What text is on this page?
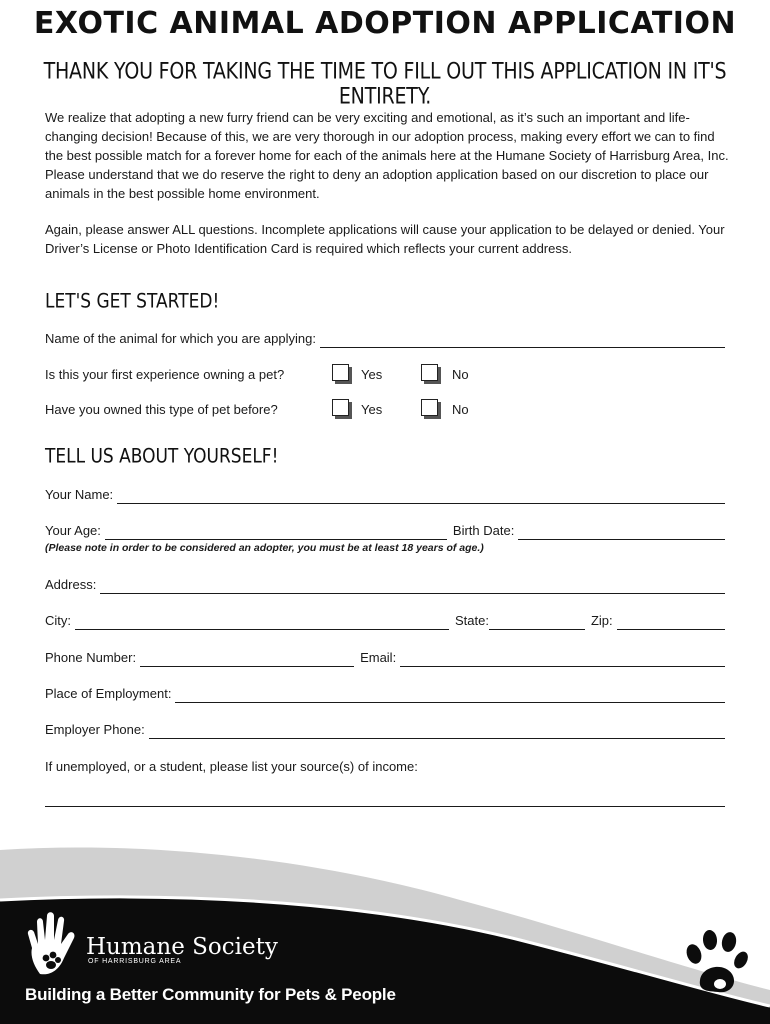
EXOTIC ANIMAL ADOPTION APPLICATION
THANK YOU FOR TAKING THE TIME TO FILL OUT THIS APPLICATION IN IT'S ENTIRETY.

We realize that adopting a new furry friend can be very exciting and emotional, as it’s such an important and life-changing decision! Because of this, we are very thorough in our adoption process, making every effort we can to find the best possible match for a forever home for each of the animals here at the Humane Society of Harrisburg Area, Inc. Please understand that we do reserve the right to deny an adoption application based on our discretion to place our animals in the best possible home environment.

Again, please answer ALL questions. Incomplete applications will cause your application to be delayed or denied. Your Driver’s License or Photo Identification Card is required which reflects your current address.

LET'S GET STARTED!
Name of the animal for which you are applying:
Is this your first experience owning a pet?	Yes	No
Have you owned this type of pet before?	Yes	No
TELL US ABOUT YOURSELF!
Your Name:
Your Age:	Birth Date:
(Please note in order to be considered an adopter, you must be at least 18 years of age.)
Address:
City:	State:	Zip:
Phone Number:	Email:
Place of Employment:
Employer Phone:
If unemployed, or a student, please list your source(s) of income:
Humane Society
OF HARRISBURG AREA
Building a Better Community for Pets & People
